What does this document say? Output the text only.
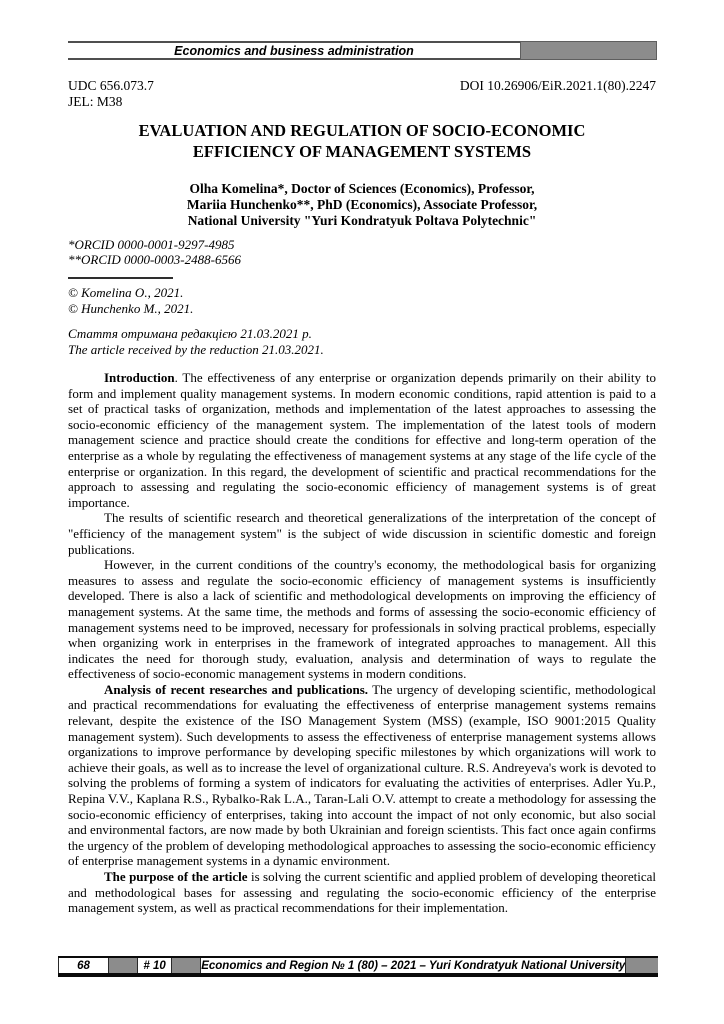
Economics and business administration
UDC 656.073.7
JEL: M38
DOI 10.26906/EiR.2021.1(80).2247
EVALUATION AND REGULATION OF SOCIO-ECONOMIC
EFFICIENCY OF MANAGEMENT SYSTEMS
Olha Komelina*, Doctor of Sciences (Economics), Professor,
Mariia Hunchenko**, PhD (Economics), Associate Professor,
National University "Yuri Kondratyuk Poltava Polytechnic"
*ORCID 0000-0001-9297-4985
**ORCID 0000-0003-2488-6566
© Komelina O., 2021.
© Hunchenko M., 2021.
Стаття отримана редакцією 21.03.2021 р.
The article received by the reduction 21.03.2021.

Introduction. The effectiveness of any enterprise or organization depends primarily on their ability to form and implement quality management systems. In modern economic conditions, rapid attention is paid to a set of practical tasks of organization, methods and implementation of the latest approaches to assessing the socio-economic efficiency of the management system. The implementation of the latest tools of modern management science and practice should create the conditions for effective and long-term operation of the enterprise as a whole by regulating the effectiveness of management systems at any stage of the life cycle of the enterprise or organization. In this regard, the development of scientific and practical recommendations for the approach to assessing and regulating the socio-economic efficiency of management systems is of great importance.

The results of scientific research and theoretical generalizations of the interpretation of the concept of "efficiency of the management system" is the subject of wide discussion in scientific domestic and foreign publications.

However, in the current conditions of the country's economy, the methodological basis for organizing measures to assess and regulate the socio-economic efficiency of management systems is insufficiently developed. There is also a lack of scientific and methodological developments on improving the efficiency of management systems. At the same time, the methods and forms of assessing the socio-economic efficiency of management systems need to be improved, necessary for professionals in solving practical problems, especially when organizing work in enterprises in the framework of integrated approaches to management. All this indicates the need for thorough study, evaluation, analysis and determination of ways to regulate the effectiveness of socio-economic management systems in modern conditions.

Analysis of recent researches and publications. The urgency of developing scientific, methodological and practical recommendations for evaluating the effectiveness of enterprise management systems remains relevant, despite the existence of the ISO Management System (MSS) (example, ISO 9001:2015 Quality management system). Such developments to assess the effectiveness of enterprise management systems allows organizations to improve performance by developing specific milestones by which organizations will work to achieve their goals, as well as to increase the level of organizational culture. R.S. Andreyeva's work is devoted to solving the problems of forming a system of indicators for evaluating the activities of enterprises. Adler Yu.P., Repina V.V., Kaplana R.S., Rybalko-Rak L.A., Taran-Lali O.V. attempt to create a methodology for assessing the socio-economic efficiency of enterprises, taking into account the impact of not only economic, but also social and environmental factors, are now made by both Ukrainian and foreign scientists. This fact once again confirms the urgency of the problem of developing methodological approaches to assessing the socio-economic efficiency of enterprise management systems in a dynamic environment.

The purpose of the article is solving the current scientific and applied problem of developing theoretical and methodological bases for assessing and regulating the socio-economic efficiency of the enterprise management system, as well as practical recommendations for their implementation.

68	# 10	Economics and Region № 1 (80) – 2021 – Yuri Kondratyuk National University
